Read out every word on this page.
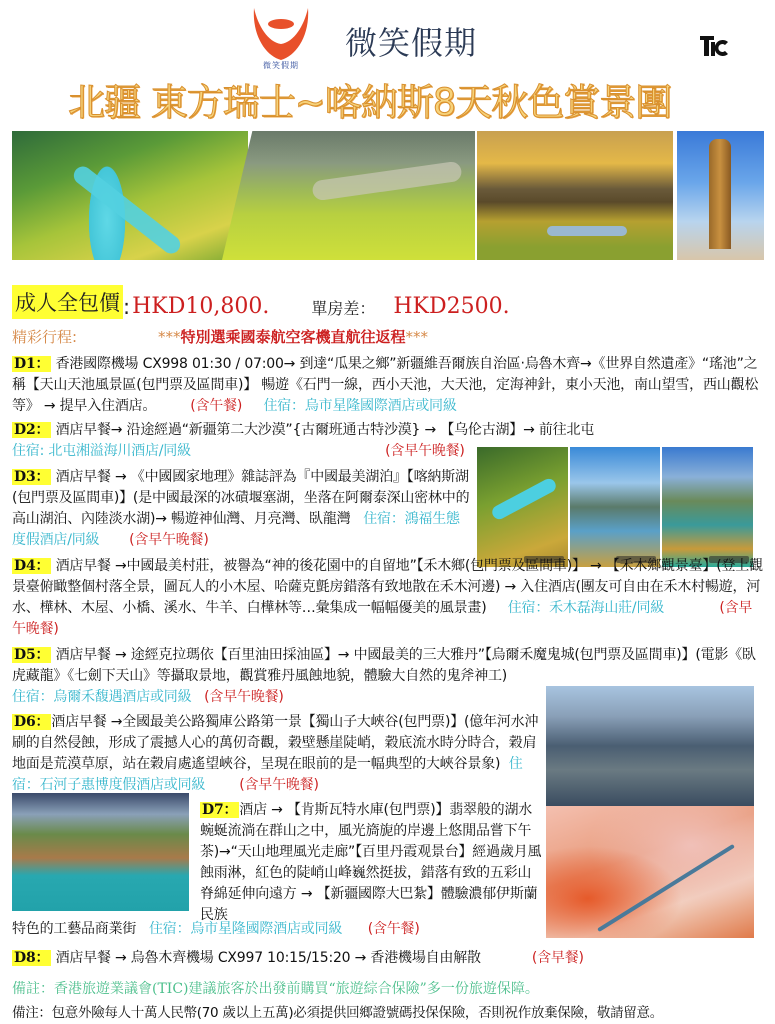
微笑假期
微笑假期
北疆 東方瑞士~喀納斯8天秋色賞景團
成人全包價 : HKD10,800.	單房差： HKD2500.
精彩行程:	***特別選乘國泰航空客機直航往返程***
D1： 香港國際機場 CX998 01:30 / 07:00→ 到達“瓜果之鄉”新疆維吾爾族自治區‧烏魯木齊→《世界自然遺產》“瑤池”之稱【天山天池風景區(包門票及區間車)】 暢遊《石門一線，西小天池，大天池，定海神針，東小天池，南山望雪，西山觀松等》 → 提早入住酒店。 (含午餐) 住宿：烏市星隆國際酒店或同級
D2： 酒店早餐→ 沿途經過“新疆第二大沙漠”{古爾班通古特沙漠} → 【乌伦古湖】→ 前往北屯
住宿: 北屯湘溢海川酒店/同級	(含早午晚餐)
D3： 酒店早餐 → 《中國國家地理》雜誌評為『中國最美湖泊』【喀納斯湖(包門票及區間車)】(是中國最深的冰磧堰塞湖，坐落在阿爾泰深山密林中的高山湖泊、內陸淡水湖)→ 暢遊神仙灣、月亮灣、臥龍灣 住宿：鴻福生態度假酒店/同級 (含早午晚餐)
D4： 酒店早餐 →中國最美村莊，被譽為“神的後花園中的自留地”【禾木鄉(包門票及區間車)】 → 【禾木鄉觀景臺】(登上觀景臺俯瞰整個村落全景，圖瓦人的小木屋、哈薩克氈房錯落有致地散在禾木河邊) → 入住酒店(團友可自由在禾木村暢遊，河水、樺林、木屋、小橋、溪水、牛羊、白樺林等…彙集成一幅幅優美的風景畫) 住宿：禾木磊海山莊/同級	(含早午晚餐)
D5： 酒店早餐 → 途經克拉瑪依【百里油田採油區】→ 中國最美的三大雅丹”【烏爾禾魔鬼城(包門票及區間車)】(電影《臥虎藏龍》《七劍下天山》等攝取景地，觀賞雅丹風蝕地貌，體驗大自然的鬼斧神工)
住宿：烏爾禾馥遇酒店或同級 (含早午晚餐)
D6： 酒店早餐 →全國最美公路獨庫公路第一景【獨山子大峽谷(包門票)】(億年河水沖刷的自然侵蝕，形成了震撼人心的萬仞奇觀，穀壁懸崖陡峭，穀底流水時分時合，穀肩地面是荒漠草原，站在穀肩處遙望峽谷，呈現在眼前的是一幅典型的大峽谷景象) 住宿：石河子惠博度假酒店或同級 (含早午晚餐)
D7： 酒店 → 【肯斯瓦特水庫(包門票)】翡翠般的湖水蜿蜒流淌在群山之中，風光旖旎的岸邊上悠閒品嘗下午茶)→“天山地理風光走廊”【百里丹霞观景台】經過歲月風蝕雨淋，紅色的陡峭山峰巍然挺拔，錯落有致的五彩山脊綿延伸向遠方 → 【新疆國際大巴紮】體驗濃郁伊斯蘭民族
特色的工藝品商業街 住宿：烏市星隆國際酒店或同級 (含午餐)
D8： 酒店早餐 → 烏魯木齊機場 CX997 10:15/15:20 → 香港機場自由解散	(含早餐)
備註：香港旅遊業議會(TIC)建議旅客於出發前購買“旅遊綜合保險”多一份旅遊保障。
備注：包意外險每人十萬人民幣(70 歲以上五萬)必須提供回鄉證號碼投保保險，否則祝作放棄保險，敬請留意。
